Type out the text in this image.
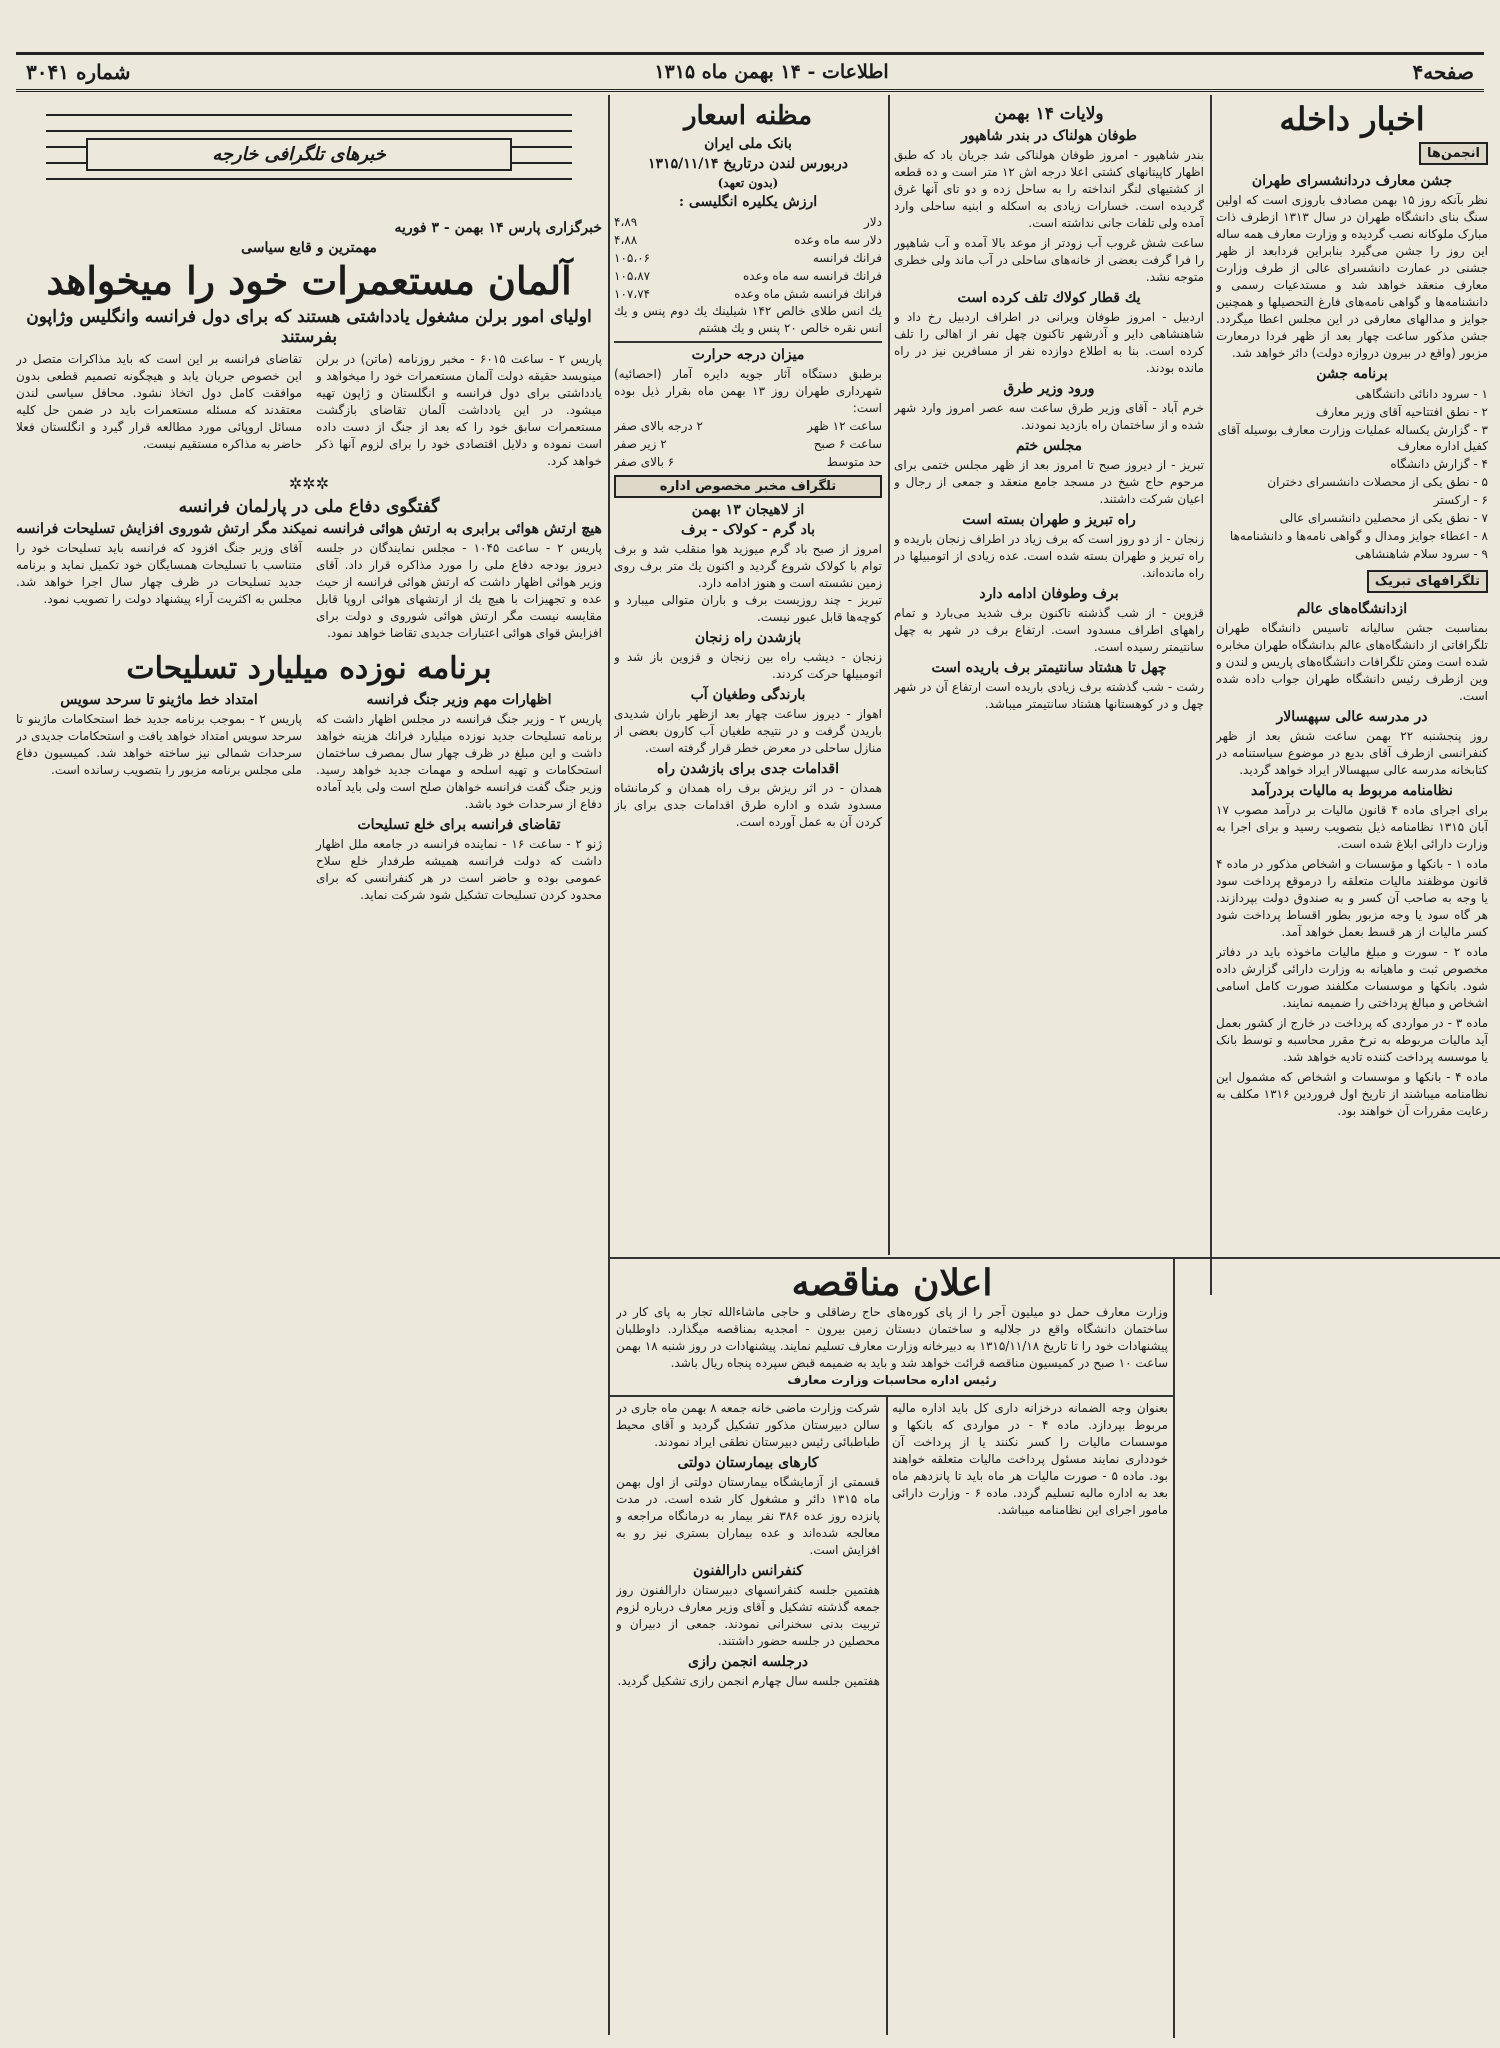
صفحه۴
اطلاعات - ۱۴ بهمن ماه ۱۳۱۵
شماره ۳۰۴۱
اخبار داخله
انجمن‌ها
جشن معارف دردانشسرای طهران
نظر بآنکه روز ۱۵ بهمن مصادف باروزی است که اولین سنگ بنای دانشگاه طهران در سال ۱۳۱۳ ازطرف ذات مبارک ملوکانه نصب گردیده و وزارت معارف همه ساله این روز را جشن می‌گیرد بنابراین فردابعد از ظهر جشنی در عمارت دانشسرای عالی از طرف وزارت معارف منعقد خواهد شد و مستدعیات رسمی و دانشنامه‌ها و گواهی نامه‌های فارغ التحصیلها و همچنین جوایز و مدالهای معارفی در این مجلس اعطا میگردد. جشن مذکور ساعت چهار بعد از ظهر فردا درمعارت مزبور (واقع در بیرون دروازه دولت) دائر خواهد شد.
برنامه جشن
۱ - سرود دانائی دانشگاهی
۲ - نطق افتتاحیه آقای وزیر معارف
۳ - گزارش یکساله عملیات وزارت معارف بوسیله آقای کفیل اداره معارف
۴ - گزارش دانشگاه
۵ - نطق یکی از محصلات دانشسرای دختران
۶ - ارکستر
۷ - نطق یکی از محصلین دانشسرای عالی
۸ - اعطاء جوایز ومدال و گواهی نامه‌ها و دانشنامه‌ها
۹ - سرود سلام شاهنشاهی
تلگرافهای تبریک
ازدانشگاه‌های عالم
بمناسبت جشن سالیانه تاسیس دانشگاه طهران تلگرافاتی از دانشگاه‌های عالم بدانشگاه طهران مخابره شده است ومتن تلگرافات دانشگاه‌های پاریس و لندن و وین ازطرف رئیس دانشگاه طهران جواب داده شده است.
در مدرسه عالی سپهسالار
روز پنجشنبه ۲۲ بهمن ساعت شش بعد از ظهر کنفرانسی ازطرف آقای بدیع در موضوع سیاستنامه در کتابخانه مدرسه عالی سپهسالار ایراد خواهد گردید.
نظامنامه مربوط به مالیات بردرآمد

برای اجرای ماده ۴ قانون مالیات بر درآمد مصوب ۱۷ آبان ۱۳۱۵ نظامنامه ذیل بتصویب رسید و برای اجرا به وزارت دارائی ابلاغ شده است.

ماده ۱ - بانکها و مؤسسات و اشخاص مذکور در ماده ۴ قانون موظفند مالیات متعلقه را درموقع پرداخت سود یا وجه به صاحب آن کسر و به صندوق دولت بپردازند. هر گاه سود یا وجه مزبور بطور اقساط پرداخت شود کسر مالیات از هر قسط بعمل خواهد آمد.

ماده ۲ - سورت و مبلغ مالیات ماخوذه باید در دفاتر مخصوص ثبت و ماهیانه به وزارت دارائی گزارش داده شود. بانکها و موسسات مکلفند صورت کامل اسامی اشخاص و مبالغ پرداختی را ضمیمه نمایند.

ماده ۳ - در مواردی که پرداخت در خارج از کشور بعمل آید مالیات مربوطه به نرخ مقرر محاسبه و توسط بانک یا موسسه پرداخت کننده تادیه خواهد شد.

ماده ۴ - بانکها و موسسات و اشخاص که مشمول این نظامنامه میباشند از تاریخ اول فروردین ۱۳۱۶ مکلف به رعایت مقررات آن خواهند بود.

ولایات ۱۴ بهمن
طوفان هولناک در بندر شاهپور

بندر شاهپور - امروز طوفان هولناکی شد جریان باد که طبق اظهار کاپیتانهای کشتی اعلا درجه اش ۱۲ متر است و ده قطعه از کشتیهای لنگر انداخته را به ساحل زده و دو تای آنها غرق گردیده است. خسارات زیادی به اسکله و ابنیه ساحلی وارد آمده ولی تلفات جانی نداشته است.

ساعت شش غروب آب زودتر از موعد بالا آمده و آب شاهپور را فرا گرفت بعضی از خانه‌های ساحلی در آب ماند ولی خطری متوجه نشد.

یك قطار كولاك تلف كرده است
اردبیل - امروز طوفان ویرانی در اطراف اردبیل رخ داد و شاهنشاهی دایر و آذرشهر تاکنون چهل نفر از اهالی را تلف کرده است. بنا به اطلاع دوازده نفر از مسافرین نیز در راه مانده بودند.
ورود وزیر طرق
خرم آباد - آقای وزیر طرق ساعت سه عصر امروز وارد شهر شده و از ساختمان راه بازدید نمودند.
مجلس ختم
تبریز - از دیروز صبح تا امروز بعد از ظهر مجلس ختمی برای مرحوم حاج شیخ در مسجد جامع منعقد و جمعی از رجال و اعیان شرکت داشتند.
راه تبریز و طهران بسته است
زنجان - از دو روز است که برف زیاد در اطراف زنجان باریده و راه تبریز و طهران بسته شده است. عده زیادی از اتومبیلها در راه مانده‌اند.
برف وطوفان ادامه دارد
قزوین - از شب گذشته تاکنون برف شدید می‌بارد و تمام راههای اطراف مسدود است. ارتفاع برف در شهر به چهل سانتیمتر رسیده است.
چهل تا هشتاد سانتیمتر برف باریده است
رشت - شب گذشته برف زیادی باریده است ارتفاع آن در شهر چهل و در کوهستانها هشتاد سانتیمتر میباشد.
مظنه اسعار
بانک ملی ایران
دربورس لندن درتاریخ ۱۳۱۵/۱۱/۱۴
(بدون تعهد)
ارزش یکلیره انگلیسی :
دلار
۴،۸۹
دلار سه ماه وعده
۴،۸۸
فرانك فرانسه
۱۰۵،۰۶
فرانك فرانسه سه ماه وعده
۱۰۵،۸۷
فرانك فرانسه شش ماه وعده
۱۰۷،۷۴
یك انس طلای خالص ۱۴۲ شیلینك یك دوم پنس و یك انس نقره خالص ۲۰ پنس و یك هشتم
میزان درجه حرارت
برطبق دستگاه آثار جویه دایره آمار (احصائیه) شهرداری طهران روز ۱۳ بهمن ماه بقرار ذیل بوده است:
ساعت ۱۲ ظهر
۲ درجه بالای صفر
ساعت ۶ صبح
۲ زیر صفر
حد متوسط
۶ بالای صفر
تلگراف مخبر مخصوص اداره
از لاهیجان ۱۳ بهمن
باد گرم - کولاک - برف
امروز از صبح باد گرم میوزید هوا منقلب شد و برف توام با کولاک شروع گردید و اکنون یك متر برف روی زمین نشسته است و هنوز ادامه دارد.
تبریز - چند روزیست برف و باران متوالی میبارد و کوچه‌ها قابل عبور نیست.
بازشدن راه زنجان
زنجان - دیشب راه بین زنجان و قزوین باز شد و اتومبیلها حرکت کردند.
بارندگی وطغیان آب
اهواز - دیروز ساعت چهار بعد ازظهر باران شدیدی باریدن گرفت و در نتیجه طغیان آب کارون بعضی از منازل ساحلی در معرض خطر قرار گرفته است.
اقدامات جدی برای بازشدن راه
همدان - در اثر ریزش برف راه همدان و کرمانشاه مسدود شده و اداره طرق اقدامات جدی برای باز کردن آن به عمل آورده است.
خبرهای تلگرافی خارجه
خبرگزاری پارس ۱۴ بهمن - ۳ فوریه
مهمترین و قایع سیاسی
آلمان مستعمرات خود را میخواهد
اولیای امور برلن مشغول یادداشتی هستند که برای دول فرانسه وانگلیس وژاپون بفرستند
پاریس ۲ - ساعت ۶۰۱۵ - مخبر روزنامه (ماتن) در برلن مینویسد حقیقه دولت آلمان مستعمرات خود را میخواهد و یادداشتی برای دول فرانسه و انگلستان و ژاپون تهیه میشود. در این یادداشت آلمان تقاضای بازگشت مستعمرات سابق خود را که بعد از جنگ از دست داده است نموده و دلایل اقتصادی خود را برای لزوم آنها ذکر خواهد کرد.
تقاضای فرانسه بر این است که باید مذاکرات متصل در این خصوص جریان یابد و هیچگونه تصمیم قطعی بدون موافقت کامل دول اتخاذ نشود. محافل سیاسی لندن معتقدند که مسئله مستعمرات باید در ضمن حل کلیه مسائل اروپائی مورد مطالعه قرار گیرد و انگلستان فعلا حاضر به مذاکره مستقیم نیست.
✲✲✲
گفتگوی دفاع ملی در پارلمان فرانسه
هیچ ارتش هوائی برابری به ارتش هوائی فرانسه نمیکند مگر ارتش شوروی افزایش تسلیحات فرانسه
پاریس ۲ - ساعت ۱۰۴۵ - مجلس نمایندگان در جلسه دیروز بودجه دفاع ملی را مورد مذاکره قرار داد. آقای وزیر هوائی اظهار داشت که ارتش هوائی فرانسه از حیث عده و تجهیزات با هیچ یك از ارتشهای هوائی اروپا قابل مقایسه نیست مگر ارتش هوائی شوروی و دولت برای افزایش قوای هوائی اعتبارات جدیدی تقاضا خواهد نمود.
آقای وزیر جنگ افزود که فرانسه باید تسلیحات خود را متناسب با تسلیحات همسایگان خود تکمیل نماید و برنامه جدید تسلیحات در ظرف چهار سال اجرا خواهد شد. مجلس به اکثریت آراء پیشنهاد دولت را تصویب نمود.
برنامه نوزده میلیارد تسلیحات
اظهارات مهم وزیر جنگ فرانسه
پاریس ۲ - وزیر جنگ فرانسه در مجلس اظهار داشت که برنامه تسلیحات جدید نوزده میلیارد فرانك هزینه خواهد داشت و این مبلغ در ظرف چهار سال بمصرف ساختمان استحکامات و تهیه اسلحه و مهمات جدید خواهد رسید. وزیر جنگ گفت فرانسه خواهان صلح است ولی باید آماده دفاع از سرحدات خود باشد.
تقاضای فرانسه برای خلع تسلیحات
ژنو ۲ - ساعت ۱۶ - نماینده فرانسه در جامعه ملل اظهار داشت که دولت فرانسه همیشه طرفدار خلع سلاح عمومی بوده و حاضر است در هر کنفرانسی که برای محدود کردن تسلیحات تشکیل شود شرکت نماید.
امتداد خط ماژینو تا سرحد سویس
پاریس ۲ - بموجب برنامه جدید خط استحکامات ماژینو تا سرحد سویس امتداد خواهد یافت و استحکامات جدیدی در سرحدات شمالی نیز ساخته خواهد شد. کمیسیون دفاع ملی مجلس برنامه مزبور را بتصویب رسانده است.
اعلان مناقصه
وزارت معارف حمل دو میلیون آجر را از پای کوره‌های حاج رضاقلی و حاجی ماشاءالله تجار به پای کار در ساختمان دانشگاه واقع در جلالیه و ساختمان دبستان زمین بیرون - امجدیه بمناقصه میگذارد. داوطلبان پیشنهادات خود را تا تاریخ ۱۳۱۵/۱۱/۱۸ به دبیرخانه وزارت معارف تسلیم نمایند. پیشنهادات در روز شنبه ۱۸ بهمن ساعت ۱۰ صبح در کمیسیون مناقصه قرائت خواهد شد و باید به ضمیمه قبض سپرده پنجاه ریال باشد.
رئیس اداره محاسبات وزارت معارف
شرکت وزارت ماضی خانه جمعه ۸ بهمن ماه جاری در سالن دبیرستان مذکور تشکیل گردید و آقای محیط طباطبائی رئیس دبیرستان نطقی ایراد نمودند.
کارهای بیمارستان دولتی
قسمتی از آزمایشگاه بیمارستان دولتی از اول بهمن ماه ۱۳۱۵ دائر و مشغول کار شده است. در مدت پانزده روز عده ۳۸۶ نفر بیمار به درمانگاه مراجعه و معالجه شده‌اند و عده بیماران بستری نیز رو به افزایش است.
کنفرانس دارالفنون
هفتمین جلسه کنفرانسهای دبیرستان دارالفنون روز جمعه گذشته تشکیل و آقای وزیر معارف درباره لزوم تربیت بدنی سخنرانی نمودند. جمعی از دبیران و محصلین در جلسه حضور داشتند.
درجلسه انجمن رازی
هفتمین جلسه سال چهارم انجمن رازی تشکیل گردید.
بعنوان وجه الضمانه درخزانه داری کل باید اداره مالیه مربوط بپردازد. ماده ۴ - در مواردی که بانکها و موسسات مالیات را کسر نکنند یا از پرداخت آن خودداری نمایند مسئول پرداخت مالیات متعلقه خواهند بود. ماده ۵ - صورت مالیات هر ماه باید تا پانزدهم ماه بعد به اداره مالیه تسلیم گردد. ماده ۶ - وزارت دارائی مامور اجرای این نظامنامه میباشد.
